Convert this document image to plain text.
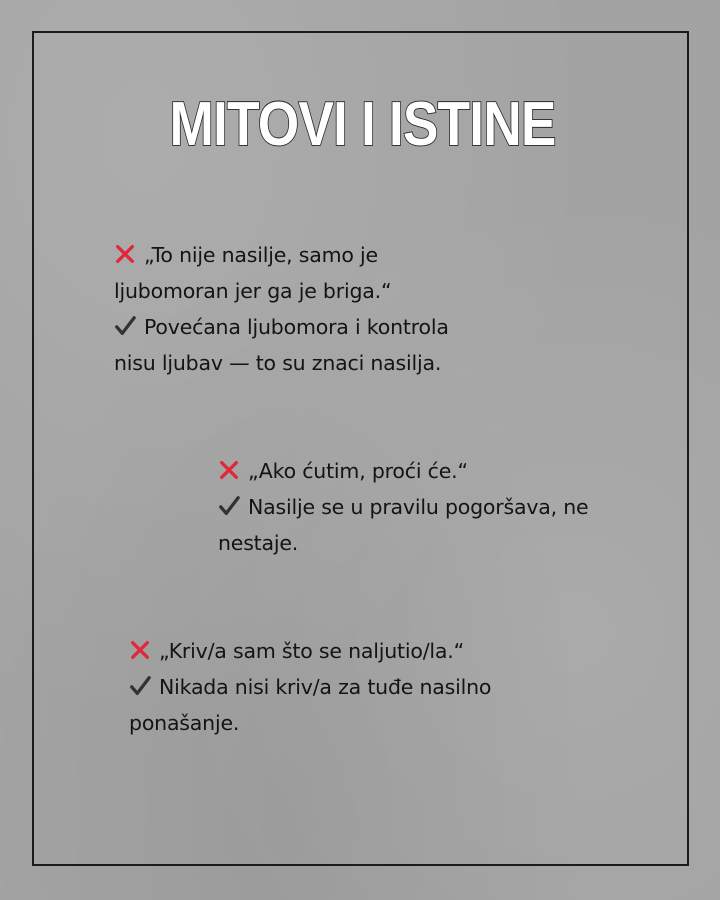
MITOVI I ISTINE
„To nije nasilje, samo je
ljubomoran jer ga je briga.“
Povećana ljubomora i kontrola
nisu ljubav — to su znaci nasilja.
„Ako ćutim, proći će.“
Nasilje se u pravilu pogoršava, ne
nestaje.
„Kriv/a sam što se naljutio/la.“
Nikada nisi kriv/a za tuđe nasilno
ponašanje.
